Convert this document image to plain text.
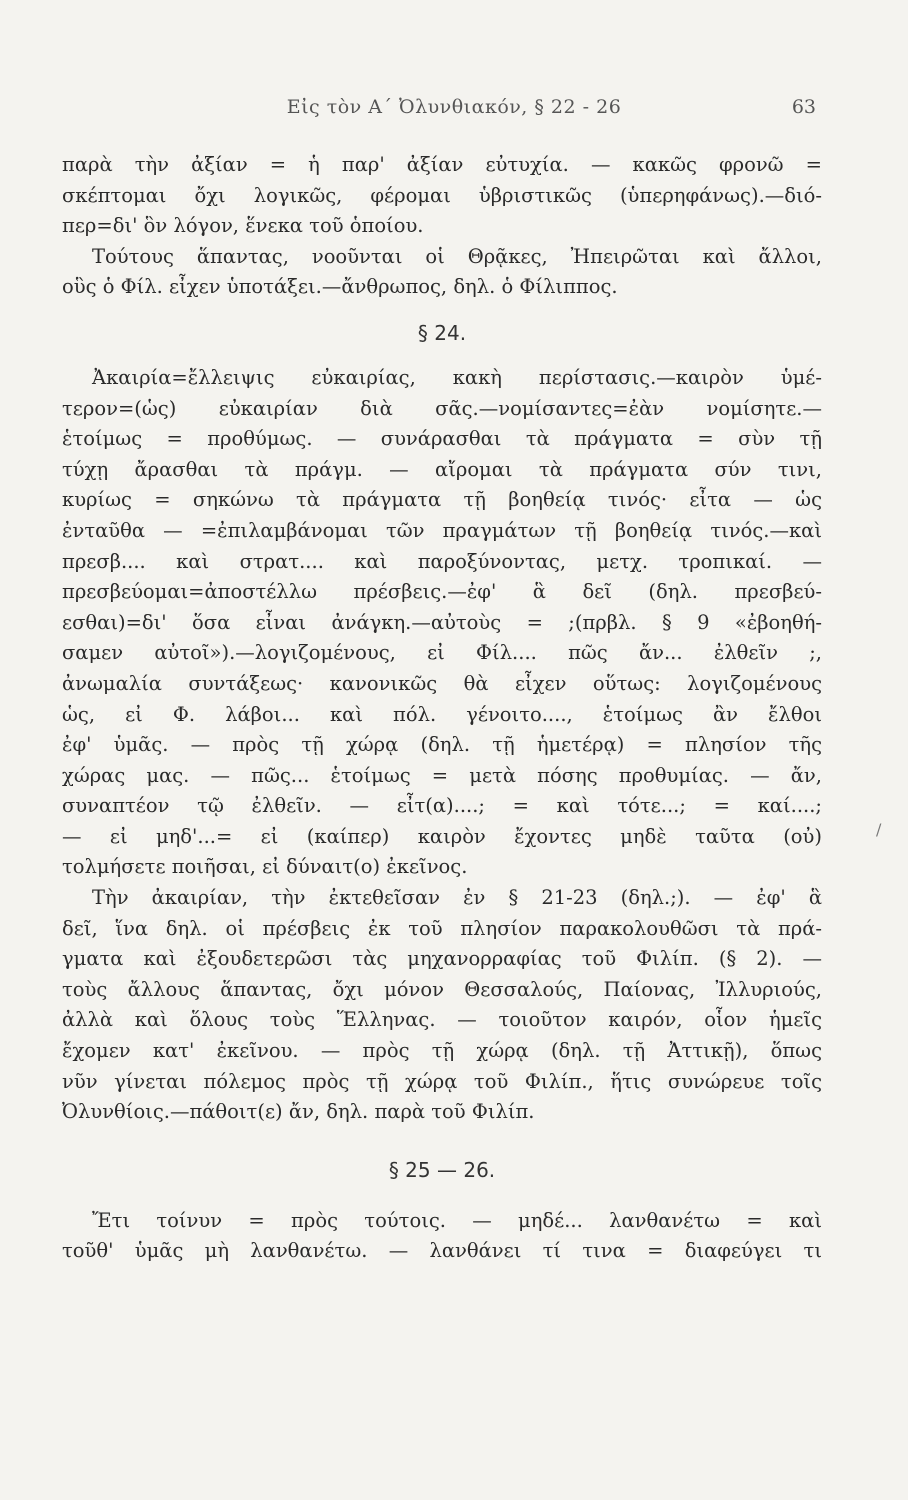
Εἰς τὸν Α΄ Ὀλυνθιακόν, § 22 - 26	63
παρὰ τὴν ἀξίαν = ἡ παρ' ἀξίαν εὐτυχία. — κακῶς φρονῶ =
σκέπτομαι ὄχι λογικῶς, φέρομαι ὑβριστικῶς (ὑπερηφάνως).—διό-
περ=δι' ὃν λόγον, ἕνεκα τοῦ ὁποίου.
Τούτους ἅπαντας, νοοῦνται οἱ Θρᾷκες, Ἠπειρῶται καὶ ἄλλοι,
οὓς ὁ Φίλ. εἶχεν ὑποτάξει.—ἄνθρωπος, δηλ. ὁ Φίλιππος.
§ 24.
Ἀκαιρία=ἔλλειψις εὐκαιρίας, κακὴ περίστασις.—καιρὸν ὑμέ-
τερον=(ὡς) εὐκαιρίαν διὰ σᾶς.—νομίσαντες=ἐὰν νομίσητε.—
ἑτοίμως = προθύμως. — συνάρασθαι τὰ πράγματα = σὺν τῇ
τύχῃ ἄρασθαι τὰ πράγμ. — αἴρομαι τὰ πράγματα σύν τινι,
κυρίως = σηκώνω τὰ πράγματα τῇ βοηθείᾳ τινός· εἶτα — ὡς
ἐνταῦθα — =ἐπιλαμβάνομαι τῶν πραγμάτων τῇ βοηθείᾳ τινός.—καὶ
πρεσβ.... καὶ στρατ.... καὶ παροξύνοντας, μετχ. τροπικαί. —
πρεσβεύομαι=ἀποστέλλω πρέσβεις.—ἐφ' ἃ δεῖ (δηλ. πρεσβεύ-
εσθαι)=δι' ὅσα εἶναι ἀνάγκη.—αὐτοὺς = ;(πρβλ. § 9 «ἐβοηθή-
σαμεν αὐτοῖ»).—λογιζομένους, εἰ Φίλ.... πῶς ἄν... ἐλθεῖν ;,
ἀνωμαλία συντάξεως· κανονικῶς θὰ εἶχεν οὕτως: λογιζομένους
ὡς, εἰ Φ. λάβοι... καὶ πόλ. γένοιτο...., ἑτοίμως ἂν ἔλθοι
ἐφ' ὑμᾶς. — πρὸς τῇ χώρᾳ (δηλ. τῇ ἡμετέρᾳ) = πλησίον τῆς
χώρας μας. — πῶς... ἑτοίμως = μετὰ πόσης προθυμίας. — ἄν,
συναπτέον τῷ ἐλθεῖν. — εἶτ(α)....; = καὶ τότε...; = καί....;
— εἰ μηδ'...= εἰ (καίπερ) καιρὸν ἔχοντες μηδὲ ταῦτα (οὐ)
τολμήσετε ποιῆσαι, εἰ δύναιτ(ο) ἐκεῖνος.
Τὴν ἀκαιρίαν, τὴν ἐκτεθεῖσαν ἐν § 21-23 (δηλ.;). — ἐφ' ἃ
δεῖ, ἵνα δηλ. οἱ πρέσβεις ἐκ τοῦ πλησίον παρακολουθῶσι τὰ πρά-
γματα καὶ ἐξουδετερῶσι τὰς μηχανορραφίας τοῦ Φιλίπ. (§ 2). —
τοὺς ἄλλους ἅπαντας, ὄχι μόνον Θεσσαλούς, Παίονας, Ἰλλυριούς,
ἀλλὰ καὶ ὅλους τοὺς Ἕλληνας. — τοιοῦτον καιρόν, οἷον ἡμεῖς
ἔχομεν κατ' ἐκεῖνου. — πρὸς τῇ χώρᾳ (δηλ. τῇ Ἀττικῇ), ὅπως
νῦν γίνεται πόλεμος πρὸς τῇ χώρᾳ τοῦ Φιλίπ., ἥτις συνώρευε τοῖς
Ὀλυνθίοις.—πάθοιτ(ε) ἄν, δηλ. παρὰ τοῦ Φιλίπ.
§ 25 — 26.
Ἔτι τοίνυν = πρὸς τούτοις. — μηδέ... λανθανέτω = καὶ
τοῦθ' ὑμᾶς μὴ λανθανέτω. — λανθάνει τί τινα = διαφεύγει τι
/
